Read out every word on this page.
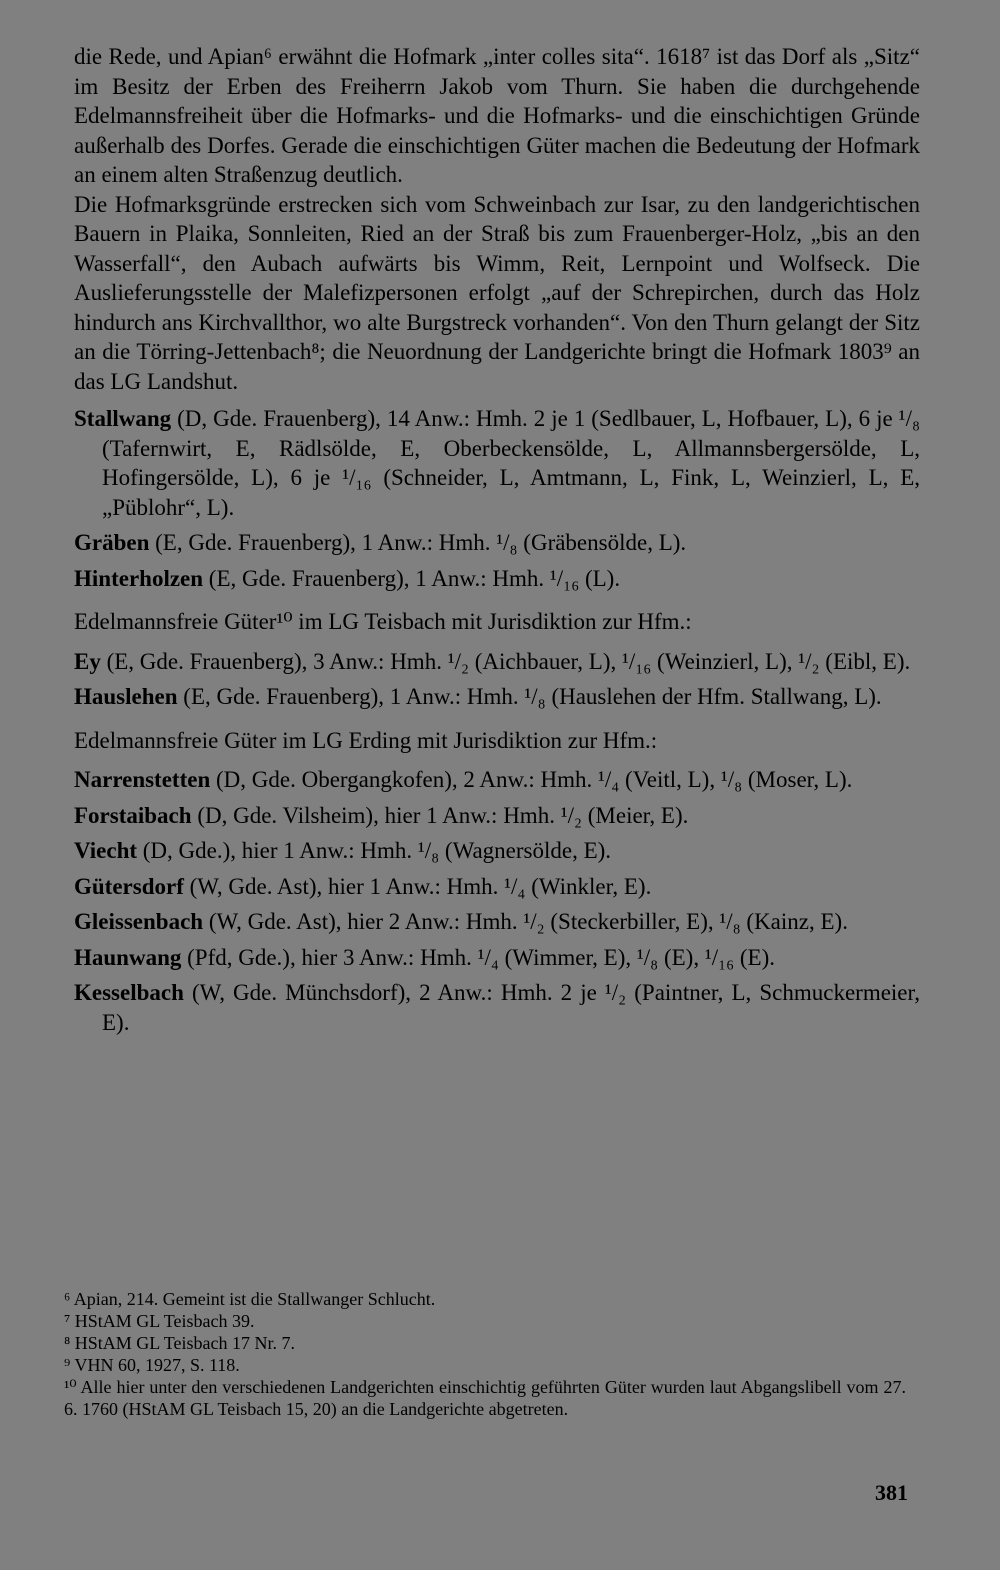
die Rede, und Apian⁶ erwähnt die Hofmark „inter colles sita“. 1618⁷ ist das Dorf als „Sitz“ im Besitz der Erben des Freiherrn Jakob vom Thurn. Sie haben die durchgehende Edelmannsfreiheit über die Hofmarks- und die Hofmarks- und die einschichtigen Gründe außerhalb des Dorfes. Gerade die einschichtigen Güter machen die Bedeutung der Hofmark an einem alten Straßenzug deutlich.

Die Hofmarksgründe erstrecken sich vom Schweinbach zur Isar, zu den landgerichtischen Bauern in Plaika, Sonnleiten, Ried an der Straß bis zum Frauenberger-Holz, „bis an den Wasserfall“, den Aubach aufwärts bis Wimm, Reit, Lernpoint und Wolfseck. Die Auslieferungsstelle der Malefizpersonen erfolgt „auf der Schrepirchen, durch das Holz hindurch ans Kirchvallthor, wo alte Burgstreck vorhanden“. Von den Thurn gelangt der Sitz an die Törring-Jettenbach⁸; die Neuordnung der Landgerichte bringt die Hofmark 1803⁹ an das LG Landshut.

Stallwang (D, Gde. Frauenberg), 14 Anw.: Hmh. 2 je 1 (Sedlbauer, L, Hofbauer, L), 6 je ¹/₈ (Tafernwirt, E, Rädlsölde, E, Oberbeckensölde, L, Allmannsbergersölde, L, Hofingersölde, L), 6 je ¹/₁₆ (Schneider, L, Amtmann, L, Fink, L, Weinzierl, L, E, „Püblohr“, L).

Gräben (E, Gde. Frauenberg), 1 Anw.: Hmh. ¹/₈ (Gräbensölde, L).

Hinterholzen (E, Gde. Frauenberg), 1 Anw.: Hmh. ¹/₁₆ (L).

Edelmannsfreie Güter¹⁰ im LG Teisbach mit Jurisdiktion zur Hfm.:

Ey (E, Gde. Frauenberg), 3 Anw.: Hmh. ¹/₂ (Aichbauer, L), ¹/₁₆ (Weinzierl, L), ¹/₂ (Eibl, E).

Hauslehen (E, Gde. Frauenberg), 1 Anw.: Hmh. ¹/₈ (Hauslehen der Hfm. Stallwang, L).

Edelmannsfreie Güter im LG Erding mit Jurisdiktion zur Hfm.:

Narrenstetten (D, Gde. Obergangkofen), 2 Anw.: Hmh. ¹/₄ (Veitl, L), ¹/₈ (Moser, L).

Forstaibach (D, Gde. Vilsheim), hier 1 Anw.: Hmh. ¹/₂ (Meier, E).

Viecht (D, Gde.), hier 1 Anw.: Hmh. ¹/₈ (Wagnersölde, E).

Gütersdorf (W, Gde. Ast), hier 1 Anw.: Hmh. ¹/₄ (Winkler, E).

Gleissenbach (W, Gde. Ast), hier 2 Anw.: Hmh. ¹/₂ (Steckerbiller, E), ¹/₈ (Kainz, E).

Haunwang (Pfd, Gde.), hier 3 Anw.: Hmh. ¹/₄ (Wimmer, E), ¹/₈ (E), ¹/₁₆ (E).

Kesselbach (W, Gde. Münchsdorf), 2 Anw.: Hmh. 2 je ¹/₂ (Paintner, L, Schmuckermeier, E).

⁶ Apian, 214. Gemeint ist die Stallwanger Schlucht.

⁷ HStAM GL Teisbach 39.

⁸ HStAM GL Teisbach 17 Nr. 7.

⁹ VHN 60, 1927, S. 118.

¹⁰ Alle hier unter den verschiedenen Landgerichten einschichtig geführten Güter wurden laut Abgangslibell vom 27. 6. 1760 (HStAM GL Teisbach 15, 20) an die Landgerichte abgetreten.

381
